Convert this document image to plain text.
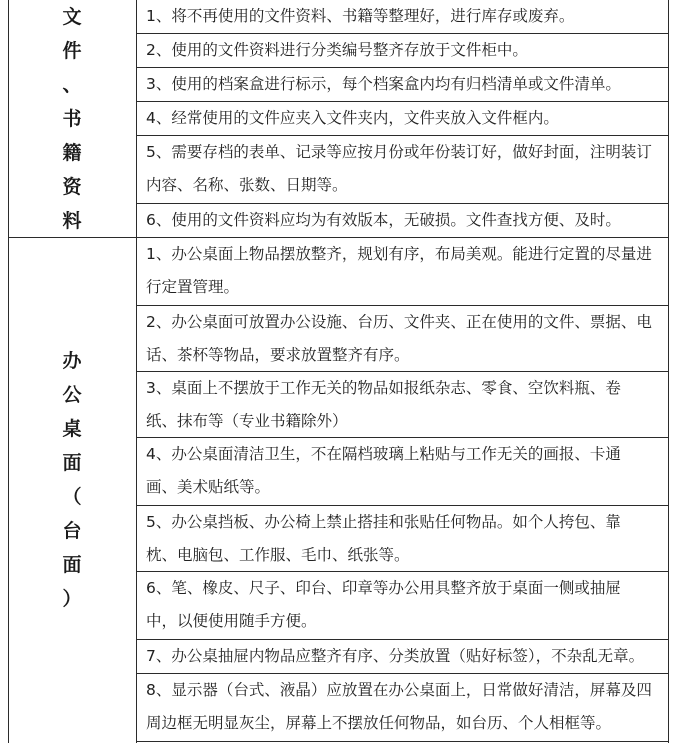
文
件
、
书
籍
资
料

1、将不再使用的文件资料、书籍等整理好，进行库存或废弃。

2、使用的文件资料进行分类编号整齐存放于文件柜中。

3、使用的档案盒进行标示，每个档案盒内均有归档清单或文件清单。

4、经常使用的文件应夹入文件夹内，文件夹放入文件框内。

5、需要存档的表单、记录等应按月份或年份装订好，做好封面，注明装订

内容、名称、张数、日期等。

6、使用的文件资料应均为有效版本，无破损。文件查找方便、及时。

办
公
桌
面
（
台
面
）

1、办公桌面上物品摆放整齐，规划有序，布局美观。能进行定置的尽量进

行定置管理。

2、办公桌面可放置办公设施、台历、文件夹、正在使用的文件、票据、电

话、茶杯等物品，要求放置整齐有序。

3、桌面上不摆放于工作无关的物品如报纸杂志、零食、空饮料瓶、卷

纸、抹布等（专业书籍除外）

4、办公桌面清洁卫生，不在隔档玻璃上粘贴与工作无关的画报、卡通

画、美术贴纸等。

5、办公桌挡板、办公椅上禁止搭挂和张贴任何物品。如个人挎包、靠

枕、电脑包、工作服、毛巾、纸张等。

6、笔、橡皮、尺子、印台、印章等办公用具整齐放于桌面一侧或抽屉

中，以便使用随手方便。

7、办公桌抽屉内物品应整齐有序、分类放置（贴好标签），不杂乱无章。

8、显示器（台式、液晶）应放置在办公桌面上，日常做好清洁，屏幕及四

周边框无明显灰尘，屏幕上不摆放任何物品，如台历、个人相框等。
